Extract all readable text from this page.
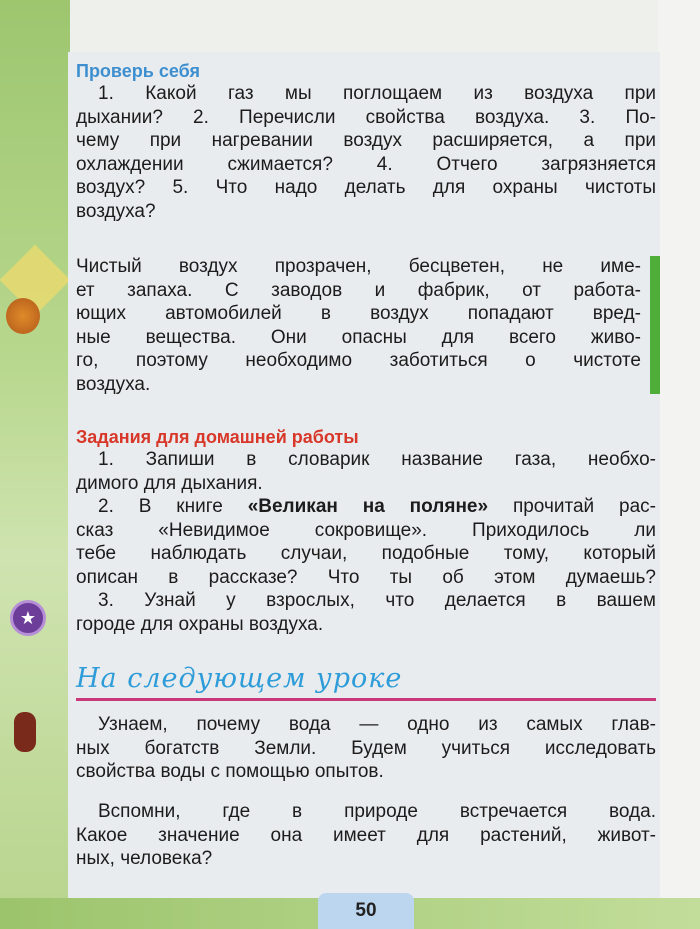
50
★
Проверь себя
1. Какой газ мы поглощаем из воздуха при
дыхании? 2. Перечисли свойства воздуха. 3. По-
чему при нагревании воздух расширяется, а при
охлаждении сжимается? 4. Отчего загрязняется
воздух? 5. Что надо делать для охраны чистоты
воздуха?
Чистый воздух прозрачен, бесцветен, не име-
ет запаха. С заводов и фабрик, от работа-
ющих автомобилей в воздух попадают вред-
ные вещества. Они опасны для всего живо-
го, поэтому необходимо заботиться о чистоте
воздуха.
Задания для домашней работы
1. Запиши в словарик название газа, необхо-
димого для дыхания.
2. В книге «Великан на поляне» прочитай рас-
сказ «Невидимое сокровище». Приходилось ли
тебе наблюдать случаи, подобные тому, который
описан в рассказе? Что ты об этом думаешь?
3. Узнай у взрослых, что делается в вашем
городе для охраны воздуха.
На следующем уроке
Узнаем, почему вода — одно из самых глав-
ных богатств Земли. Будем учиться исследовать
свойства воды с помощью опытов.
Вспомни, где в природе встречается вода.
Какое значение она имеет для растений, живот-
ных, человека?
